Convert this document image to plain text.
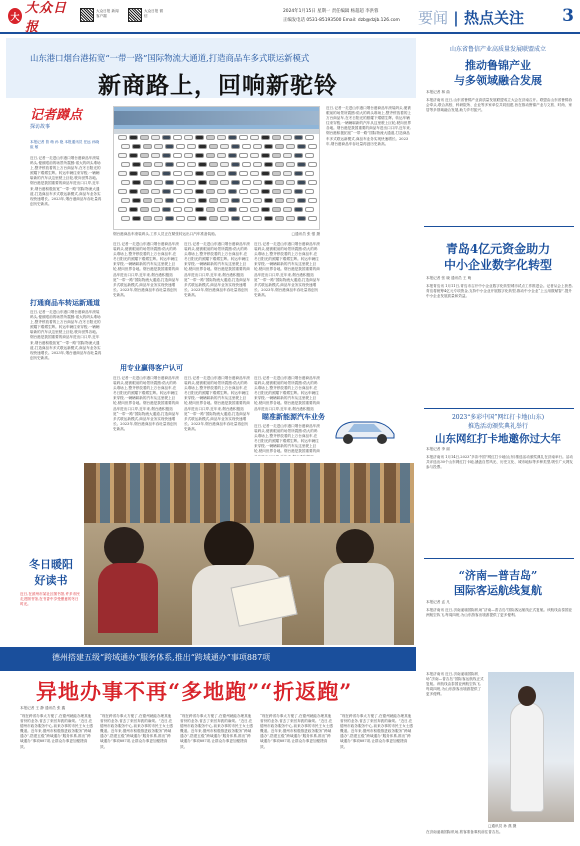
大
大众日报
大众日报 新闻客户端
大众日报 微信
2024年1月15日 星期一 责任编辑 杨超超 李洪蓉
正编发电话 0531-85193500 Email: dzb@dzjb.126.com 要闻 | 热点关注 3
山东港口烟台港拓宽“一带一路”国际物流大通道,打造商品车多式联运新模式
新商路上，回响新驼铃
记者蹲点
探访故事
本报记者 曾 萌 孙 艳 本报通讯员 任远 孙晓 崔 敏
近日,记者一走进山东港口烟台港商品车滚装码头,便被眼前的场景所震撼:偌大的码头堆场上,整齐停放着的上万台商品车,在冬日阳光的照耀下熠熠生辉。转运车辆往来穿梭,一辆辆崭新的汽车从这里驶上巨轮,驶向世界各地。烟台港是我国重要的商品车进出口口岸,近年来,烟台港积极拓宽“一带一路”国际物流大通道,打造商品车多式联运新模式,商品车业务实现快速增长。2023年,烟台港商品车吞吐量再创历史新高。
打通商品车转运新通道
近日,记者一走进山东港口烟台港商品车滚装码头,便被眼前的场景所震撼:偌大的码头堆场上,整齐停放着的上万台商品车,在冬日阳光的照耀下熠熠生辉。转运车辆往来穿梭,一辆辆崭新的汽车从这里驶上巨轮,驶向世界各地。烟台港是我国重要的商品车进出口口岸,近年来,烟台港积极拓宽“一带一路”国际物流大通道,打造商品车多式联运新模式,商品车业务实现快速增长。2023年,烟台港商品车吞吐量再创历史新高。
烟台港商品车滚装码头,工作人员正在紧张转运出口汽车准备装船。	□通讯员 张 强 摄
近日,记者一走进山东港口烟台港商品车滚装码头,便被眼前的场景所震撼:偌大的码头堆场上,整齐停放着的上万台商品车,在冬日阳光的照耀下熠熠生辉。转运车辆往来穿梭,一辆辆崭新的汽车从这里驶上巨轮,驶向世界各地。烟台港是我国重要的商品车进出口口岸,近年来,烟台港积极拓宽“一带一路”国际物流大通道,打造商品车多式联运新模式,商品车业务实现快速增长。2023年,烟台港商品车吞吐量再创历史新高。
近日,记者一走进山东港口烟台港商品车滚装码头,便被眼前的场景所震撼:偌大的码头堆场上,整齐停放着的上万台商品车,在冬日阳光的照耀下熠熠生辉。转运车辆往来穿梭,一辆辆崭新的汽车从这里驶上巨轮,驶向世界各地。烟台港是我国重要的商品车进出口口岸,近年来,烟台港积极拓宽“一带一路”国际物流大通道,打造商品车多式联运新模式,商品车业务实现快速增长。2023年,烟台港商品车吞吐量再创历史新高。
近日,记者一走进山东港口烟台港商品车滚装码头,便被眼前的场景所震撼:偌大的码头堆场上,整齐停放着的上万台商品车,在冬日阳光的照耀下熠熠生辉。转运车辆往来穿梭,一辆辆崭新的汽车从这里驶上巨轮,驶向世界各地。烟台港是我国重要的商品车进出口口岸,近年来,烟台港积极拓宽“一带一路”国际物流大通道,打造商品车多式联运新模式,商品车业务实现快速增长。2023年,烟台港商品车吞吐量再创历史新高。
用专业赢得客户认可
近日,记者一走进山东港口烟台港商品车滚装码头,便被眼前的场景所震撼:偌大的码头堆场上,整齐停放着的上万台商品车,在冬日阳光的照耀下熠熠生辉。转运车辆往来穿梭,一辆辆崭新的汽车从这里驶上巨轮,驶向世界各地。烟台港是我国重要的商品车进出口口岸,近年来,烟台港积极拓宽“一带一路”国际物流大通道,打造商品车多式联运新模式,商品车业务实现快速增长。2023年,烟台港商品车吞吐量再创历史新高。
近日,记者一走进山东港口烟台港商品车滚装码头,便被眼前的场景所震撼:偌大的码头堆场上,整齐停放着的上万台商品车,在冬日阳光的照耀下熠熠生辉。转运车辆往来穿梭,一辆辆崭新的汽车从这里驶上巨轮,驶向世界各地。烟台港是我国重要的商品车进出口口岸,近年来,烟台港积极拓宽“一带一路”国际物流大通道,打造商品车多式联运新模式,商品车业务实现快速增长。2023年,烟台港商品车吞吐量再创历史新高。
近日,记者一走进山东港口烟台港商品车滚装码头,便被眼前的场景所震撼:偌大的码头堆场上,整齐停放着的上万台商品车,在冬日阳光的照耀下熠熠生辉。转运车辆往来穿梭,一辆辆崭新的汽车从这里驶上巨轮,驶向世界各地。烟台港是我国重要的商品车进出口口岸,近年来,烟台港积极拓
瞄准新能源汽车业务
近日,记者一走进山东港口烟台港商品车滚装码头,便被眼前的场景所震撼:偌大的码头堆场上,整齐停放着的上万台商品车,在冬日阳光的照耀下熠熠生辉。转运车辆往来穿梭,一辆辆崭新的汽车从这里驶上巨轮,驶向世界各地。烟台港是我国重要的商
近日,记者一走进山东港口烟台港商品车滚装码头,便被眼前的场景所震撼:偌大的码头堆场上,整齐停放着的上万台商品车,在冬日阳光的照耀下熠熠生辉。转运车辆往来穿梭,一辆辆崭新的汽车从这里驶上巨轮,驶向世界各地。烟台港是我国重要的商品车进出口口岸,近年来,烟台港积极拓宽“一带一路”国际物流大通道,打造商品车多式联运新模式,商品车业务实现快速增长。2023年,烟台港商品车吞吐量再创历史新高。
山东省鲁信产业高质量发展联盟成立
推动鲁锦产业
与多领域融合发展
本报记者 林 曲
本报济南讯 近日,山东省鲁锦产业高质量发展联盟成立大会在济南召开。联盟由山东省鲁锦协会牵头,联合高校、科研院所、企业等多家单位共同组建,旨在推动鲁锦产业与文旅、时尚、家居等多领域融合发展,助力乡村振兴。
青岛4亿元资金助力
中小企业数字化转型
本报记者 张 晓 通讯员 王 萌
本报青岛讯 1月11日,青岛市召开中小企业数字化转型城市试点工作推进会。记者从会上获悉,青岛将统筹4亿元专项资金,支持中小企业开展数字化转型,推动中小企业“上云用数赋智”,提升中小企业发展质量和效益。
2023“多彩中国”网红打卡地(山东)
推选活动颁奖典礼举行
山东网红打卡地邀你过大年
本报记者 李 丽
本报济南讯 1月14日,2023“多彩中国”网红打卡地(山东)推选活动颁奖典礼在济南举行。活动共评选出30个山东网红打卡地,涵盖自然风光、历史文化、城市地标等多种类型,吸引广大网友参与投票。
“济南—普吉岛”
国际客运航线复航
本报记者 孟 凡
本报济南讯 近日,济南遥墙国际机场“济南—普吉岛”国际客运航线正式复航。该航线由泰国亚洲航空执飞,每周四班,为山东游客出境游提供了更多便利。
本报济南讯 近日,济南遥墙国际机场“济南—普吉岛”国际客运航线正式复航。该航线由泰国亚洲航空执飞,每周四班,为山东游客出境游提供了更多便利。
□通讯员 孙 燕 摄
在济南遥墙国际机场,旅客准备乘机前往普吉岛。
冬日暖阳
好读书
近日,在滨州市某社区图书馆,许多市民走进图书馆,在书香中享受惬意的冬日时光。
德州搭建五级“跨域通办”服务体系,推出“跨域通办”事项887项
异地办事不再“多地跑”“折返跑”
本报记者 王 静 通讯员 张 鑫
“现在跨省办事太方便了,在德州就能办理其他省份的业务,省去了来回奔波的麻烦。”近日,在德州市政务服务中心,前来办事的市民王女士感慨道。近年来,德州市积极推进政务服务“跨域通办”,搭建五级“跨域通办”服务体系,推出“跨域通办”事项887项,让群众办事更加便捷高效。
“现在跨省办事太方便了,在德州就能办理其他省份的业务,省去了来回奔波的麻烦。”近日,在德州市政务服务中心,前来办事的市民王女士感慨道。近年来,德州市积极推进政务服务“跨域通办”,搭建五级“跨域通办”服务体系,推出“跨域通办”事项887项,让群众办事更加便捷高效。
“现在跨省办事太方便了,在德州就能办理其他省份的业务,省去了来回奔波的麻烦。”近日,在德州市政务服务中心,前来办事的市民王女士感慨道。近年来,德州市积极推进政务服务“跨域通办”,搭建五级“跨域通办”服务体系,推出“跨域通办”事项887项,让群众办事更加便捷高效。
“现在跨省办事太方便了,在德州就能办理其他省份的业务,省去了来回奔波的麻烦。”近日,在德州市政务服务中心,前来办事的市民王女士感慨道。近年来,德州市积极推进政务服务“跨域通办”,搭建五级“跨域通办”服务体系,推出“跨域通办”事项887项,让群众办事更加便捷高效。
“现在跨省办事太方便了,在德州就能办理其他省份的业务,省去了来回奔波的麻烦。”近日,在德州市政务服务中心,前来办事的市民王女士感慨道。近年来,德州市积极推进政务服务“跨域通办”,搭建五级“跨域通办”服务体系,推出“跨域通办”事项887项,让群众办事更加便捷高效。
